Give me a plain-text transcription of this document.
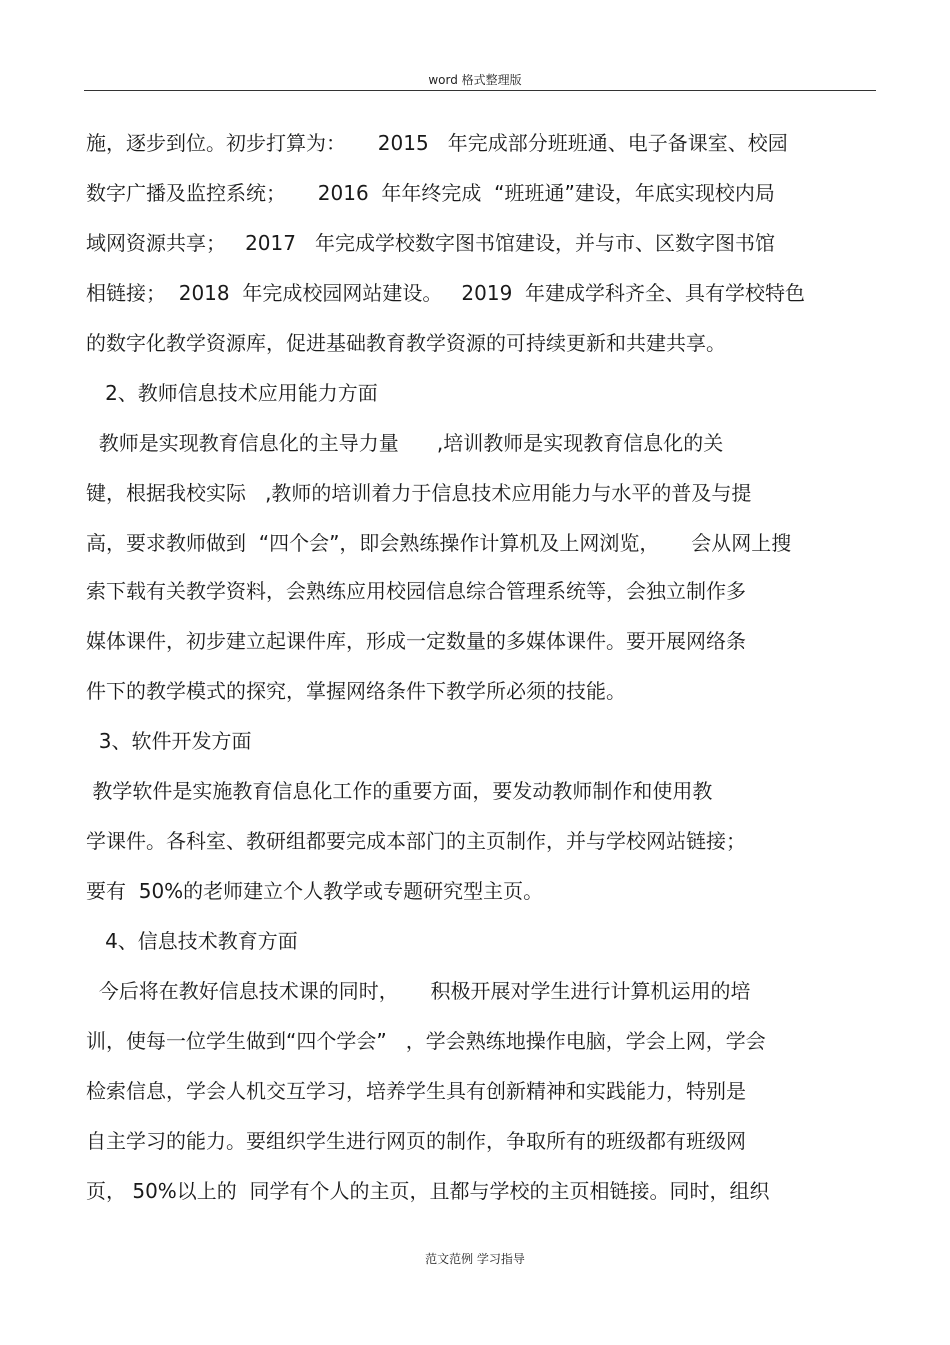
word 格式整理版
施，逐步到位。初步打算为：     2015   年完成部分班班通、电子备课室、校园
数字广播及监控系统；     2016  年年终完成  “班班通”建设，年底实现校内局
域网资源共享；   2017   年完成学校数字图书馆建设，并与市、区数字图书馆
相链接；  2018  年完成校园网站建设。   2019  年建成学科齐全、具有学校特色
的数字化教学资源库，促进基础教育教学资源的可持续更新和共建共享。
2、教师信息技术应用能力方面
教师是实现教育信息化的主导力量      ,培训教师是实现教育信息化的关
键，根据我校实际   ,教师的培训着力于信息技术应用能力与水平的普及与提
高，要求教师做到  “四个会”，即会熟练操作计算机及上网浏览，     会从网上搜
索下载有关教学资料，会熟练应用校园信息综合管理系统等，会独立制作多
媒体课件，初步建立起课件库，形成一定数量的多媒体课件。要开展网络条
件下的教学模式的探究，掌握网络条件下教学所必须的技能。
3、软件开发方面
教学软件是实施教育信息化工作的重要方面，要发动教师制作和使用教
学课件。各科室、教研组都要完成本部门的主页制作，并与学校网站链接；
要有  50%的老师建立个人教学或专题研究型主页。
4、信息技术教育方面
今后将在教好信息技术课的同时，     积极开展对学生进行计算机运用的培
训，使每一位学生做到“四个学会”   ，学会熟练地操作电脑，学会上网，学会
检索信息，学会人机交互学习，培养学生具有创新精神和实践能力，特别是
自主学习的能力。要组织学生进行网页的制作，争取所有的班级都有班级网
页， 50%以上的  同学有个人的主页，且都与学校的主页相链接。同时，组织
范文范例 学习指导
